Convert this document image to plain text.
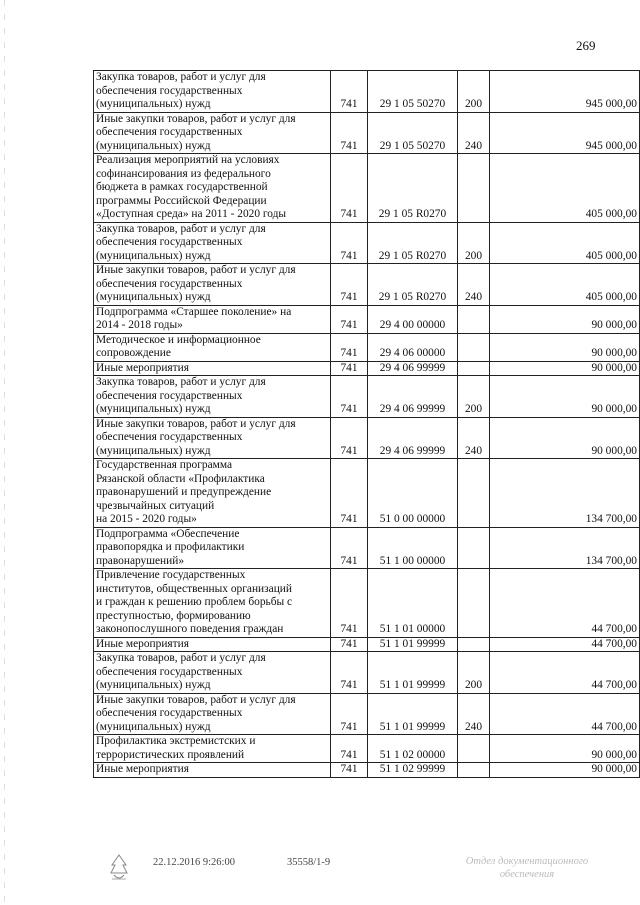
269
Закупка товаров, работ и услуг для
обеспечения государственных
(муниципальных) нужд	741	29 1 05 50270	200	945 000,00
Иные закупки товаров, работ и услуг для
обеспечения государственных
(муниципальных) нужд	741	29 1 05 50270	240	945 000,00
Реализация мероприятий на условиях
софинансирования из федерального
бюджета в рамках государственной
программы Российской Федерации
«Доступная среда» на 2011 - 2020 годы	741	29 1 05 R0270		405 000,00
Закупка товаров, работ и услуг для
обеспечения государственных
(муниципальных) нужд	741	29 1 05 R0270	200	405 000,00
Иные закупки товаров, работ и услуг для
обеспечения государственных
(муниципальных) нужд	741	29 1 05 R0270	240	405 000,00
Подпрограмма «Старшее поколение» на
2014 - 2018 годы»	741	29 4 00 00000		90 000,00
Методическое и информационное
сопровождение	741	29 4 06 00000		90 000,00
Иные мероприятия	741	29 4 06 99999		90 000,00
Закупка товаров, работ и услуг для
обеспечения государственных
(муниципальных) нужд	741	29 4 06 99999	200	90 000,00
Иные закупки товаров, работ и услуг для
обеспечения государственных
(муниципальных) нужд	741	29 4 06 99999	240	90 000,00
Государственная программа
Рязанской области «Профилактика
правонарушений и предупреждение
чрезвычайных ситуаций
на 2015 - 2020 годы»	741	51 0 00 00000		134 700,00
Подпрограмма «Обеспечение
правопорядка и профилактики
правонарушений»	741	51 1 00 00000		134 700,00
Привлечение государственных
институтов, общественных организаций
и граждан к решению проблем борьбы с
преступностью, формированию
законопослушного поведения граждан	741	51 1 01 00000		44 700,00
Иные мероприятия	741	51 1 01 99999		44 700,00
Закупка товаров, работ и услуг для
обеспечения государственных
(муниципальных) нужд	741	51 1 01 99999	200	44 700,00
Иные закупки товаров, работ и услуг для
обеспечения государственных
(муниципальных) нужд	741	51 1 01 99999	240	44 700,00
Профилактика экстремистских и
террористических проявлений	741	51 1 02 00000		90 000,00
Иные мероприятия	741	51 1 02 99999		90 000,00
22.12.2016 9:26:00	35558/1-9	Отдел документационного
обеспечения
